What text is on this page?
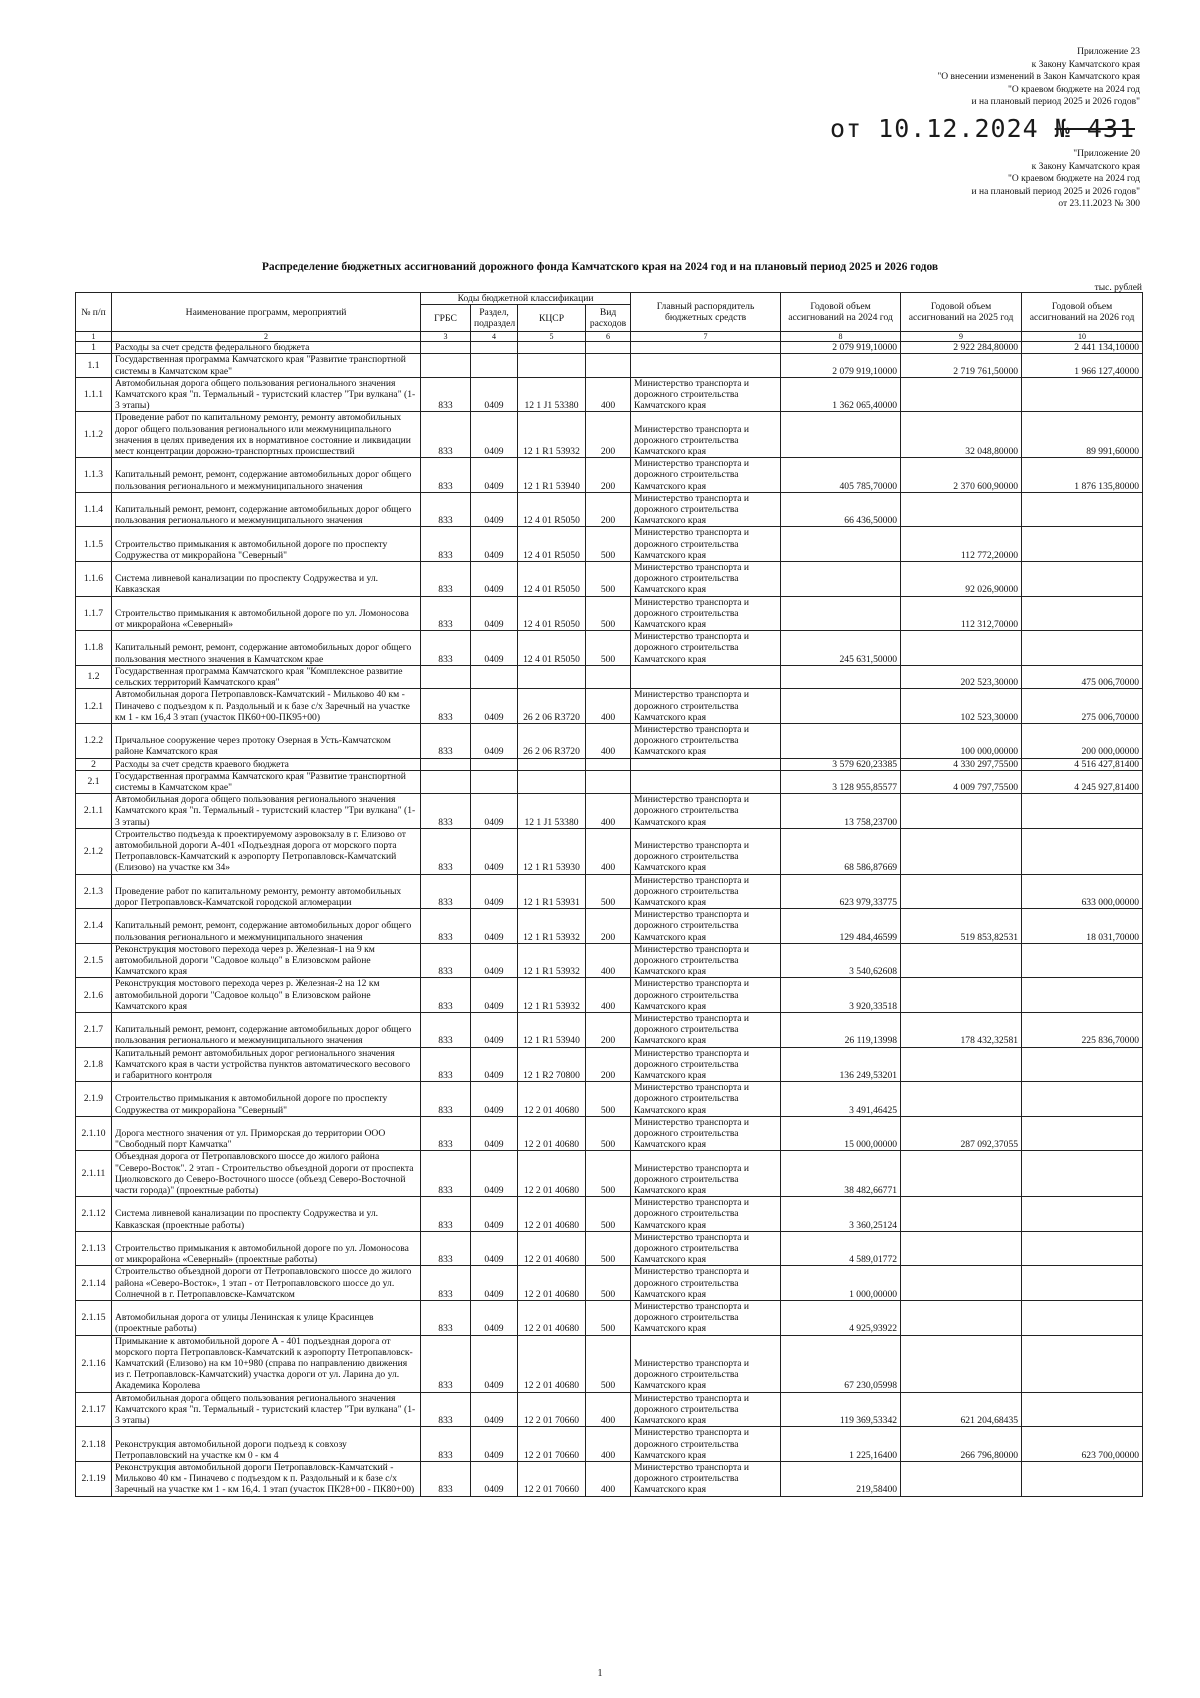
Приложение 23
к Закону Камчатского края
"О внесении изменений в Закон Камчатского края
"О краевом бюджете на 2024 год
и на плановый период 2025 и 2026 годов"
от 10.12.2024 № 431
"Приложение 20
к Закону Камчатского края
"О краевом бюджете на 2024 год
и на плановый период 2025 и 2026 годов"
от 23.11.2023 № 300
Распределение бюджетных ассигнований дорожного фонда Камчатского края на 2024 год и на плановый период 2025 и 2026 годов
тыс. рублей
№ п/п	Наименование программ, мероприятий	Коды бюджетной классификации				Главный распорядитель бюджетных средств	Годовой объем ассигнований на 2024 год	Годовой объем ассигнований на 2025 год	Годовой объем ассигнований на 2026 год
		ГРБС	Раздел, подраздел	КЦСР	Вид расходов				
1	2	3	4	5	6	7	8	9	10
1	Расходы за счет средств федерального бюджета						2 079 919,10000	2 922 284,80000	2 441 134,10000
1.1	Государственная программа Камчатского края "Развитие транспортной системы в Камчатском крае"						2 079 919,10000	2 719 761,50000	1 966 127,40000
1.1.1	Автомобильная дорога общего пользования регионального значения Камчатского края "п. Термальный - туристский кластер "Три вулкана" (1-3 этапы)	833	0409	12 1 J1 53380	400	Министерство транспорта и дорожного строительства Камчатского края	1 362 065,40000		
1.1.2	Проведение работ по капитальному ремонту, ремонту автомобильных дорог общего пользования регионального или межмуниципального значения в целях приведения их в нормативное состояние и ликвидации мест концентрации дорожно-транспортных происшествий	833	0409	12 1 R1 53932	200	Министерство транспорта и дорожного строительства Камчатского края		32 048,80000	89 991,60000
1.1.3	Капитальный ремонт, ремонт, содержание автомобильных дорог общего пользования регионального и межмуниципального значения	833	0409	12 1 R1 53940	200	Министерство транспорта и дорожного строительства Камчатского края	405 785,70000	2 370 600,90000	1 876 135,80000
1.1.4	Капитальный ремонт, ремонт, содержание автомобильных дорог общего пользования регионального и межмуниципального значения	833	0409	12 4 01 R5050	200	Министерство транспорта и дорожного строительства Камчатского края	66 436,50000		
1.1.5	Строительство примыкания к автомобильной дороге по проспекту Содружества от микрорайона "Северный"	833	0409	12 4 01 R5050	500	Министерство транспорта и дорожного строительства Камчатского края		112 772,20000	
1.1.6	Система ливневой канализации по проспекту Содружества и ул. Кавказская	833	0409	12 4 01 R5050	500	Министерство транспорта и дорожного строительства Камчатского края		92 026,90000	
1.1.7	Строительство примыкания к автомобильной дороге по ул. Ломоносова от микрорайона «Северный»	833	0409	12 4 01 R5050	500	Министерство транспорта и дорожного строительства Камчатского края		112 312,70000	
1.1.8	Капитальный ремонт, ремонт, содержание автомобильных дорог общего пользования местного значения в Камчатском крае	833	0409	12 4 01 R5050	500	Министерство транспорта и дорожного строительства Камчатского края	245 631,50000		
1.2	Государственная программа Камчатского края "Комплексное развитие сельских территорий Камчатского края"							202 523,30000	475 006,70000
1.2.1	Автомобильная дорога Петропавловск-Камчатский - Мильково 40 км - Пиначево с подъездом к п. Раздольный и к базе с/х Заречный на участке км 1 - км 16,4 3 этап (участок ПК60+00-ПК95+00)	833	0409	26 2 06 R3720	400	Министерство транспорта и дорожного строительства Камчатского края		102 523,30000	275 006,70000
1.2.2	Причальное сооружение через протоку Озерная в Усть-Камчатском районе Камчатского края	833	0409	26 2 06 R3720	400	Министерство транспорта и дорожного строительства Камчатского края		100 000,00000	200 000,00000
2	Расходы за счет средств краевого бюджета						3 579 620,23385	4 330 297,75500	4 516 427,81400
2.1	Государственная программа Камчатского края "Развитие транспортной системы в Камчатском крае"						3 128 955,85577	4 009 797,75500	4 245 927,81400
2.1.1	Автомобильная дорога общего пользования регионального значения Камчатского края "п. Термальный - туристский кластер "Три вулкана" (1-3 этапы)	833	0409	12 1 J1 53380	400	Министерство транспорта и дорожного строительства Камчатского края	13 758,23700		
2.1.2	Строительство подъезда к проектируемому аэровокзалу в г. Елизово от автомобильной дороги А-401 «Подъездная дорога от морского порта Петропавловск-Камчатский к аэропорту Петропавловск-Камчатский (Елизово) на участке км 34»	833	0409	12 1 R1 53930	400	Министерство транспорта и дорожного строительства Камчатского края	68 586,87669		
2.1.3	Проведение работ по капитальному ремонту, ремонту автомобильных дорог Петропавловск-Камчатской городской агломерации	833	0409	12 1 R1 53931	500	Министерство транспорта и дорожного строительства Камчатского края	623 979,33775		633 000,00000
2.1.4	Капитальный ремонт, ремонт, содержание автомобильных дорог общего пользования регионального и межмуниципального значения	833	0409	12 1 R1 53932	200	Министерство транспорта и дорожного строительства Камчатского края	129 484,46599	519 853,82531	18 031,70000
2.1.5	Реконструкция мостового перехода через р. Железная-1 на 9 км автомобильной дороги "Садовое кольцо" в Елизовском районе Камчатского края	833	0409	12 1 R1 53932	400	Министерство транспорта и дорожного строительства Камчатского края	3 540,62608		
2.1.6	Реконструкция мостового перехода через р. Железная-2 на 12 км автомобильной дороги "Садовое кольцо" в Елизовском районе Камчатского края	833	0409	12 1 R1 53932	400	Министерство транспорта и дорожного строительства Камчатского края	3 920,33518		
2.1.7	Капитальный ремонт, ремонт, содержание автомобильных дорог общего пользования регионального и межмуниципального значения	833	0409	12 1 R1 53940	200	Министерство транспорта и дорожного строительства Камчатского края	26 119,13998	178 432,32581	225 836,70000
2.1.8	Капитальный ремонт автомобильных дорог регионального значения Камчатского края в части устройства пунктов автоматического весового и габаритного контроля	833	0409	12 1 R2 70800	200	Министерство транспорта и дорожного строительства Камчатского края	136 249,53201		
2.1.9	Строительство примыкания к автомобильной дороге по проспекту Содружества от микрорайона "Северный"	833	0409	12 2 01 40680	500	Министерство транспорта и дорожного строительства Камчатского края	3 491,46425		
2.1.10	Дорога местного значения от ул. Приморская до территории ООО "Свободный порт Камчатка"	833	0409	12 2 01 40680	500	Министерство транспорта и дорожного строительства Камчатского края	15 000,00000	287 092,37055	
2.1.11	Объездная дорога от Петропавловского шоссе до жилого района "Северо-Восток". 2 этап - Строительство объездной дороги от проспекта Циолковского до Северо-Восточного шоссе (объезд Северо-Восточной части города)" (проектные работы)	833	0409	12 2 01 40680	500	Министерство транспорта и дорожного строительства Камчатского края	38 482,66771		
2.1.12	Система ливневой канализации по проспекту Содружества и ул. Кавказская (проектные работы)	833	0409	12 2 01 40680	500	Министерство транспорта и дорожного строительства Камчатского края	3 360,25124		
2.1.13	Строительство примыкания к автомобильной дороге по ул. Ломоносова от микрорайона «Северный» (проектные работы)	833	0409	12 2 01 40680	500	Министерство транспорта и дорожного строительства Камчатского края	4 589,01772		
2.1.14	Строительство объездной дороги от Петропавловского шоссе до жилого района «Северо-Восток», 1 этап - от Петропавловского шоссе до ул. Солнечной в г. Петропавловске-Камчатском	833	0409	12 2 01 40680	500	Министерство транспорта и дорожного строительства Камчатского края	1 000,00000		
2.1.15	Автомобильная дорога от улицы Ленинская к улице Красинцев (проектные работы)	833	0409	12 2 01 40680	500	Министерство транспорта и дорожного строительства Камчатского края	4 925,93922		
2.1.16	Примыкание к автомобильной дороге А - 401 подъездная дорога от морского порта Петропавловск-Камчатский к аэропорту Петропавловск-Камчатский (Елизово) на км 10+980 (справа по направлению движения из г. Петропавловск-Камчатский) участка дороги от ул. Ларина до ул. Академика Королева	833	0409	12 2 01 40680	500	Министерство транспорта и дорожного строительства Камчатского края	67 230,05998		
2.1.17	Автомобильная дорога общего пользования регионального значения Камчатского края "п. Термальный - туристский кластер "Три вулкана" (1-3 этапы)	833	0409	12 2 01 70660	400	Министерство транспорта и дорожного строительства Камчатского края	119 369,53342	621 204,68435	
2.1.18	Реконструкция автомобильной дороги подъезд к совхозу Петропавловский на участке км 0 - км 4	833	0409	12 2 01 70660	400	Министерство транспорта и дорожного строительства Камчатского края	1 225,16400	266 796,80000	623 700,00000
2.1.19	Реконструкция автомобильной дороги Петропавловск-Камчатский - Мильково 40 км - Пиначево с подъездом к п. Раздольный и к базе с/х Заречный на участке км 1 - км 16,4. 1 этап (участок ПК28+00 - ПК80+00)	833	0409	12 2 01 70660	400	Министерство транспорта и дорожного строительства Камчатского края	219,58400		
1
